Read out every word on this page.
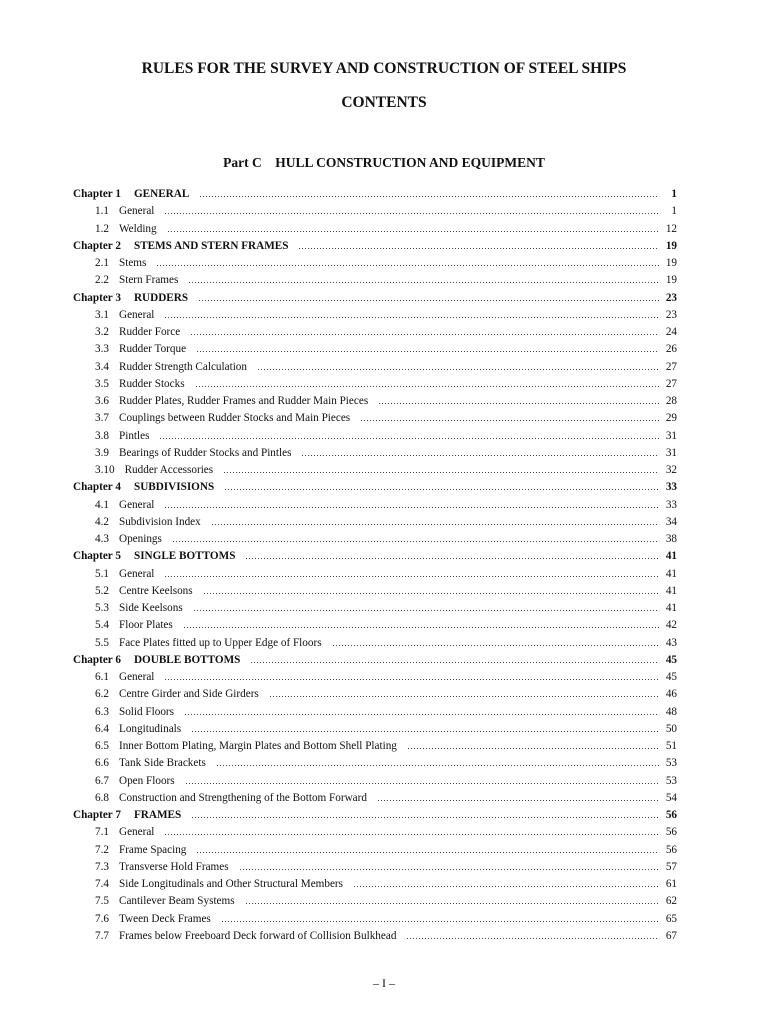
RULES FOR THE SURVEY AND CONSTRUCTION OF STEEL SHIPS
CONTENTS
Part C    HULL CONSTRUCTION AND EQUIPMENT
Chapter 1 GENERAL	1
1.1 General	1
1.2 Welding	12
Chapter 2 STEMS AND STERN FRAMES	19
2.1 Stems	19
2.2 Stern Frames	19
Chapter 3 RUDDERS	23
3.1 General	23
3.2 Rudder Force	24
3.3 Rudder Torque	26
3.4 Rudder Strength Calculation	27
3.5 Rudder Stocks	27
3.6 Rudder Plates, Rudder Frames and Rudder Main Pieces	28
3.7 Couplings between Rudder Stocks and Main Pieces	29
3.8 Pintles	31
3.9 Bearings of Rudder Stocks and Pintles	31
3.10 Rudder Accessories	32
Chapter 4 SUBDIVISIONS	33
4.1 General	33
4.2 Subdivision Index	34
4.3 Openings	38
Chapter 5 SINGLE BOTTOMS	41
5.1 General	41
5.2 Centre Keelsons	41
5.3 Side Keelsons	41
5.4 Floor Plates	42
5.5 Face Plates fitted up to Upper Edge of Floors	43
Chapter 6 DOUBLE BOTTOMS	45
6.1 General	45
6.2 Centre Girder and Side Girders	46
6.3 Solid Floors	48
6.4 Longitudinals	50
6.5 Inner Bottom Plating, Margin Plates and Bottom Shell Plating	51
6.6 Tank Side Brackets	53
6.7 Open Floors	53
6.8 Construction and Strengthening of the Bottom Forward	54
Chapter 7 FRAMES	56
7.1 General	56
7.2 Frame Spacing	56
7.3 Transverse Hold Frames	57
7.4 Side Longitudinals and Other Structural Members	61
7.5 Cantilever Beam Systems	62
7.6 Tween Deck Frames	65
7.7 Frames below Freeboard Deck forward of Collision Bulkhead	67
– I –
